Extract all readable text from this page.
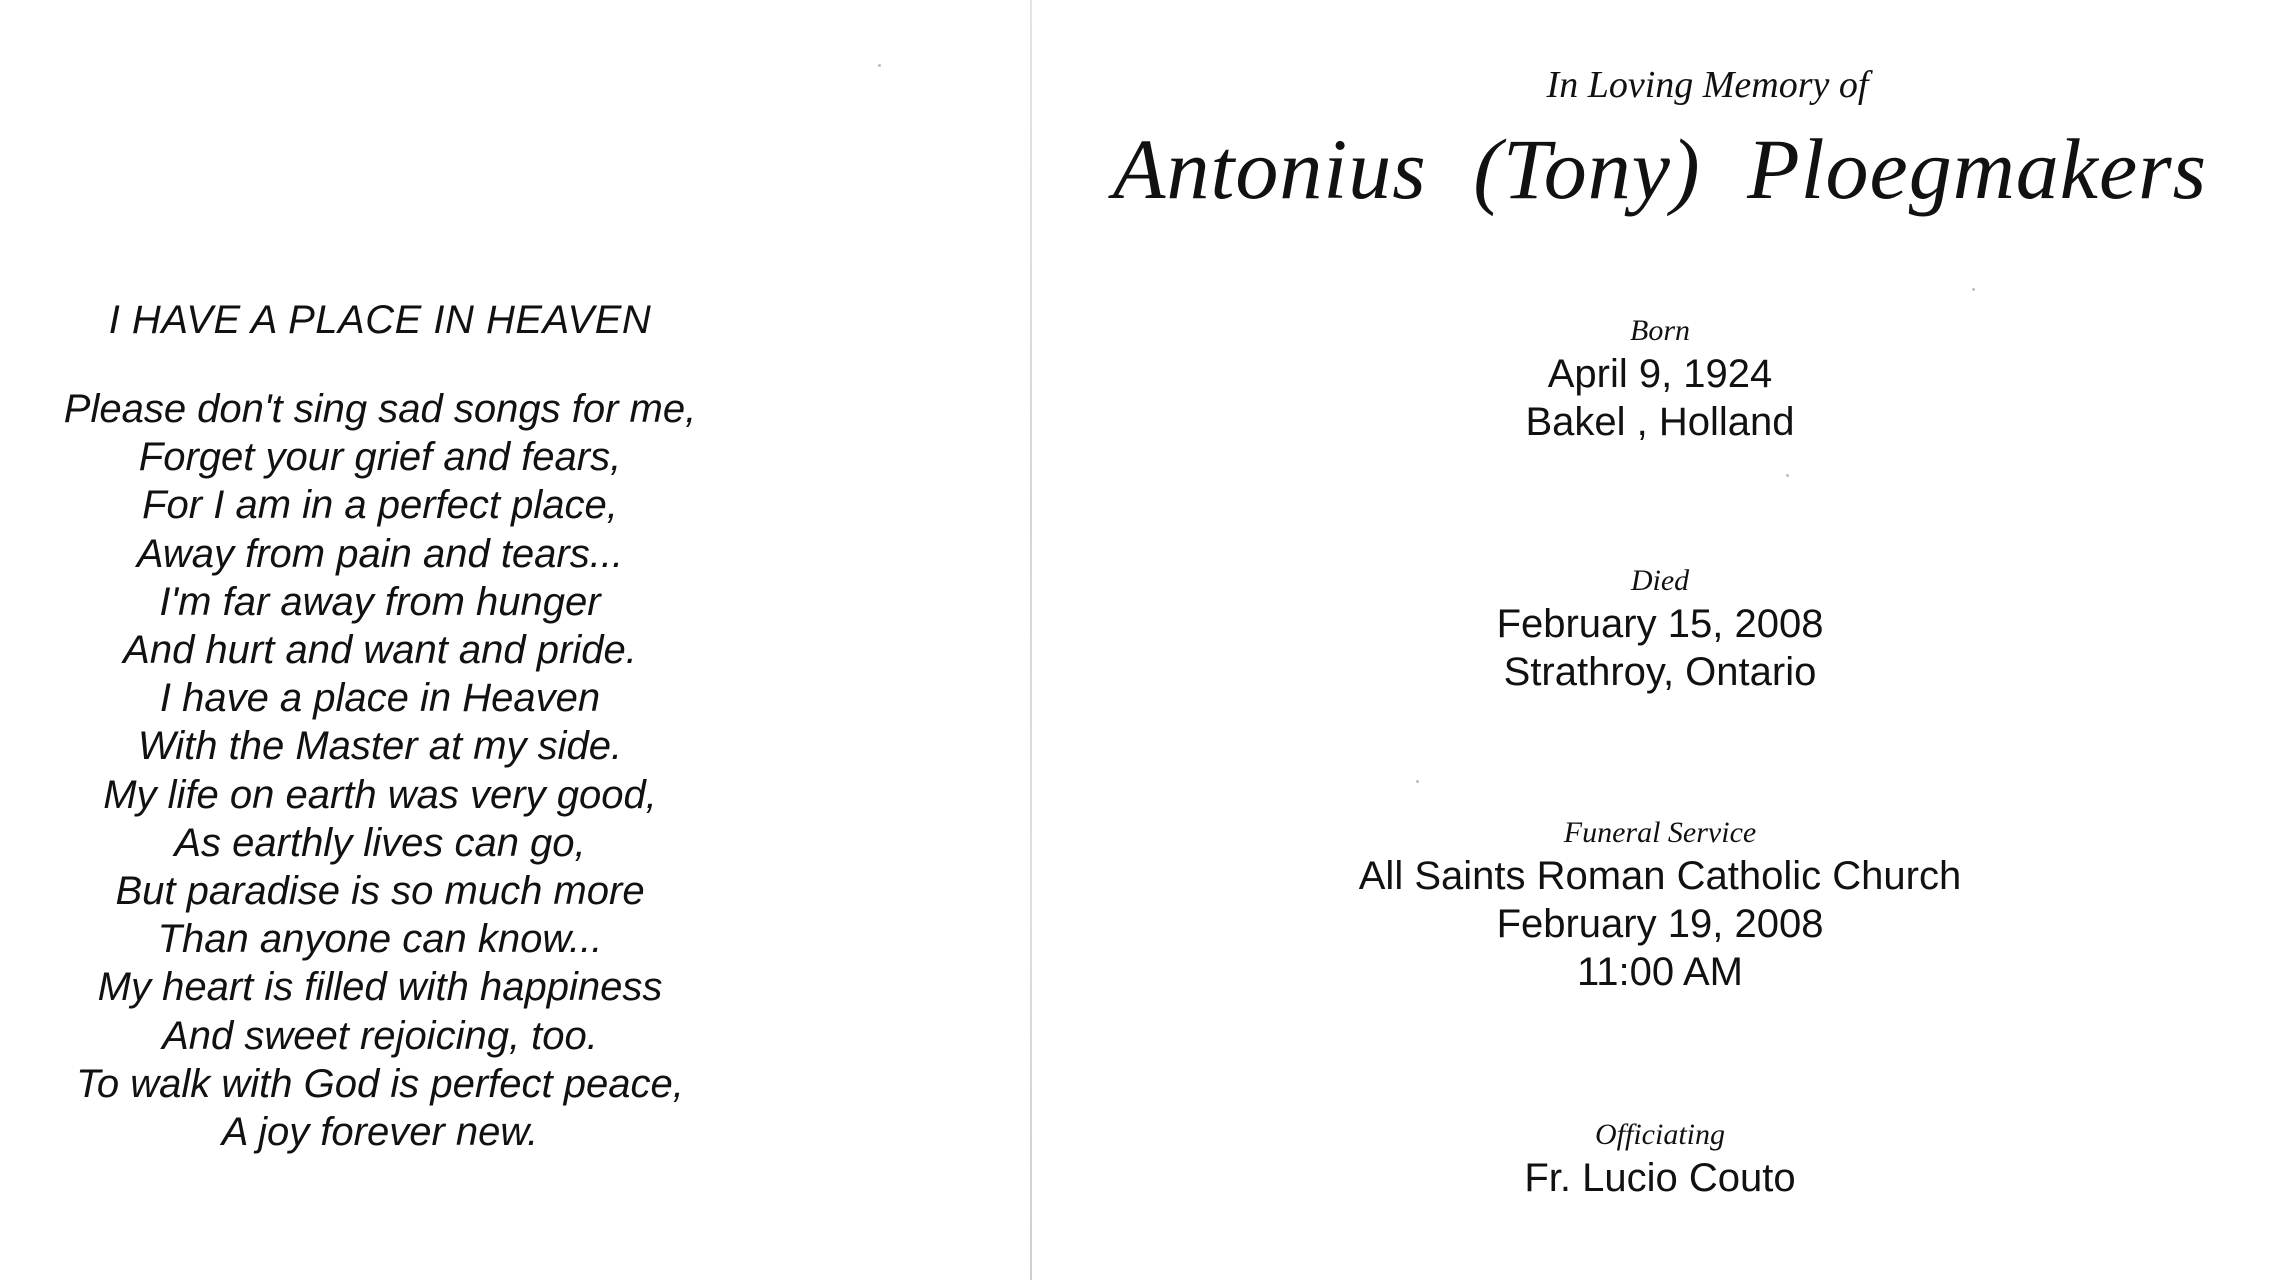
I HAVE A PLACE IN HEAVEN
Please don't sing sad songs for me,
Forget your grief and fears,
For I am in a perfect place,
Away from pain and tears...
I'm far away from hunger
And hurt and want and pride.
I have a place in Heaven
With the Master at my side.
My life on earth was very good,
As earthly lives can go,
But paradise is so much more
Than anyone can know...
My heart is filled with happiness
And sweet rejoicing, too.
To walk with God is perfect peace,
A joy forever new.
In Loving Memory of
Antonius (Tony) Ploegmakers
Born
April 9, 1924
Bakel , Holland
Died
February 15, 2008
Strathroy, Ontario
Funeral Service
All Saints Roman Catholic Church
February 19, 2008
11:00 AM
Officiating
Fr. Lucio Couto
